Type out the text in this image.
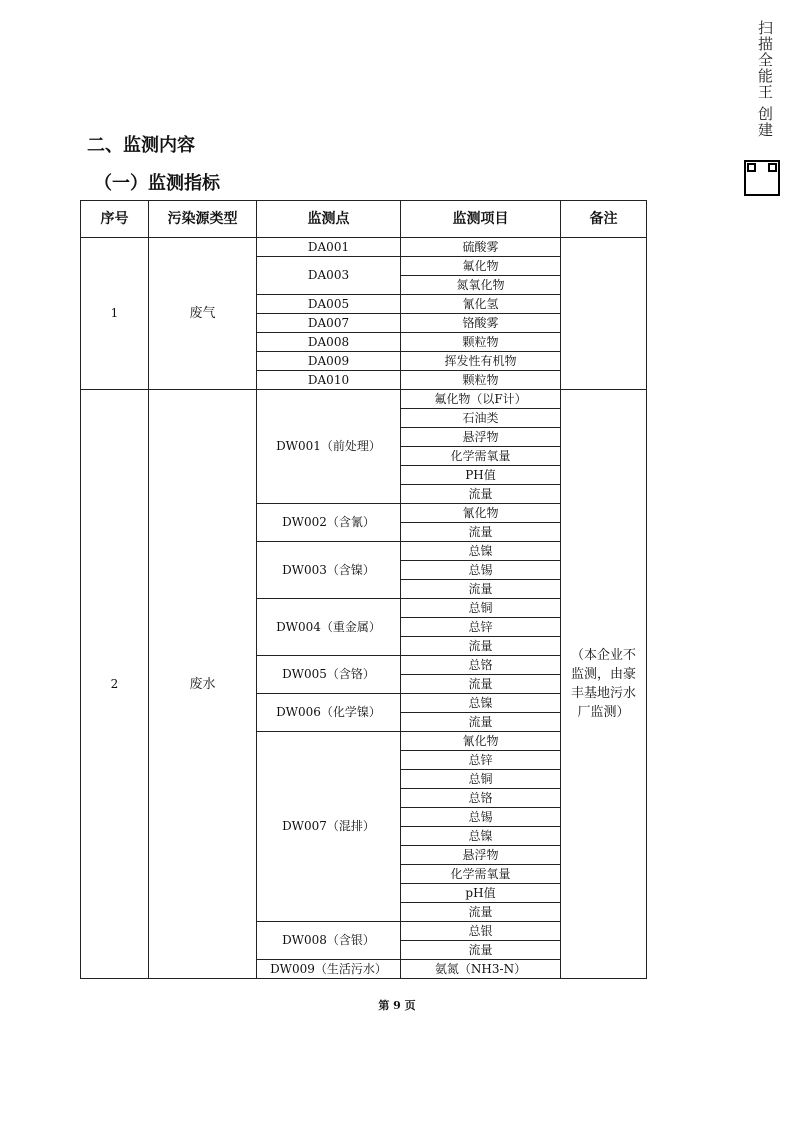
二、监测内容
（一）监测指标
扫描全能王 创建
序号	污染源类型	监测点	监测项目	备注
1	废气	DA001	硫酸雾	
		DA003	氟化物	
			氮氧化物	
		DA005	氰化氢	
		DA007	铬酸雾	
		DA008	颗粒物	
		DA009	挥发性有机物	
		DA010	颗粒物	
2	废水	DW001（前处理）	氟化物（以F计）	（本企业不监测，由豪丰基地污水厂监测）
			石油类	
			悬浮物	
			化学需氧量	
			PH值	
			流量	
		DW002（含氰）	氰化物	
			流量	
		DW003（含镍）	总镍	
			总锡	
			流量	
		DW004（重金属）	总铜	
			总锌	
			流量	
		DW005（含铬）	总铬	
			流量	
		DW006（化学镍）	总镍	
			流量	
		DW007（混排）	氰化物	
			总锌	
			总铜	
			总铬	
			总锡	
			总镍	
			悬浮物	
			化学需氧量	
			pH值	
			流量	
		DW008（含银）	总银	
			流量	
		DW009（生活污水）	氨氮（NH3-N）	
第 9 页
